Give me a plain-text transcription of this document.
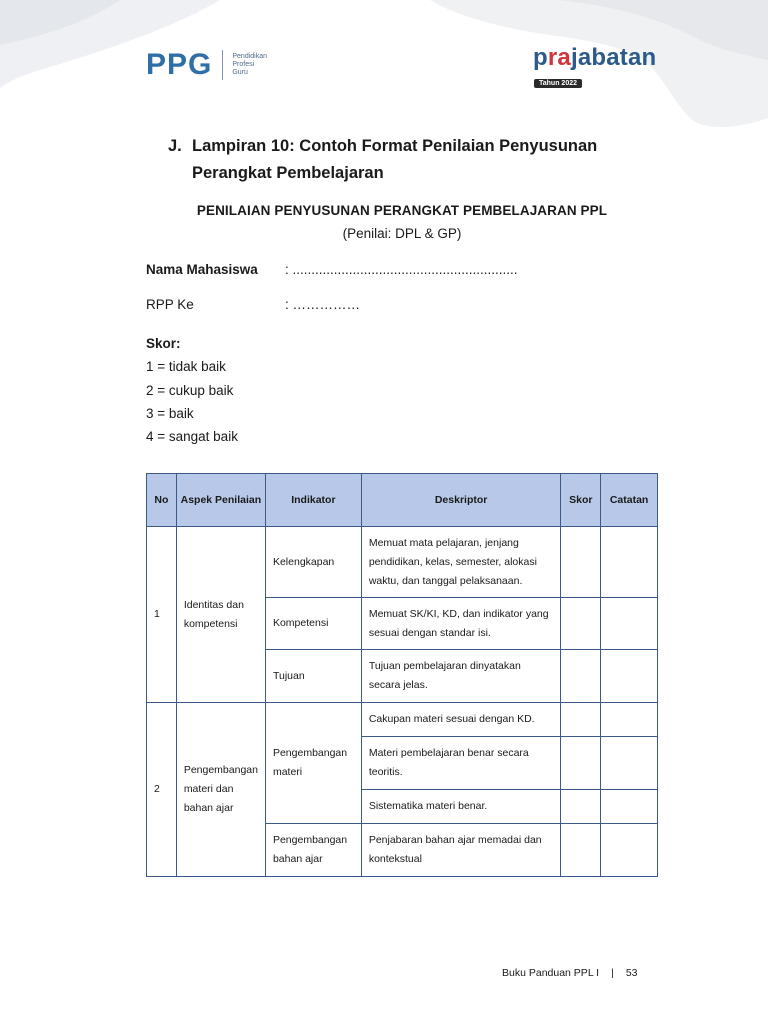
PPG	Pendidikan
Profesi
Guru
prajabatan
Tahun 2022
J. Lampiran 10: Contoh Format Penilaian Penyusunan Perangkat Pembelajaran
PENILAIAN PENYUSUNAN PERANGKAT PEMBELAJARAN PPL
(Penilai: DPL & GP)
Nama Mahasiswa : ............................................................
RPP Ke	: ……………
Skor:
1 = tidak baik
2 = cukup baik
3 = baik
4 = sangat baik
No	Aspek Penilaian	Indikator	Deskriptor	Skor	Catatan
1	Identitas dan kompetensi	Kelengkapan	Memuat mata pelajaran, jenjang pendidikan, kelas, semester, alokasi waktu, dan tanggal pelaksanaan.		
		Kompetensi	Memuat SK/KI, KD, dan indikator yang sesuai dengan standar isi.		
		Tujuan	Tujuan pembelajaran dinyatakan secara jelas.		
2	Pengembangan materi dan bahan ajar	Pengembangan materi	Cakupan materi sesuai dengan KD.		
			Materi pembelajaran benar secara teoritis.		
			Sistematika materi benar.		
		Pengembangan bahan ajar	Penjabaran bahan ajar memadai dan kontekstual		
Buku Panduan PPL I | 53
